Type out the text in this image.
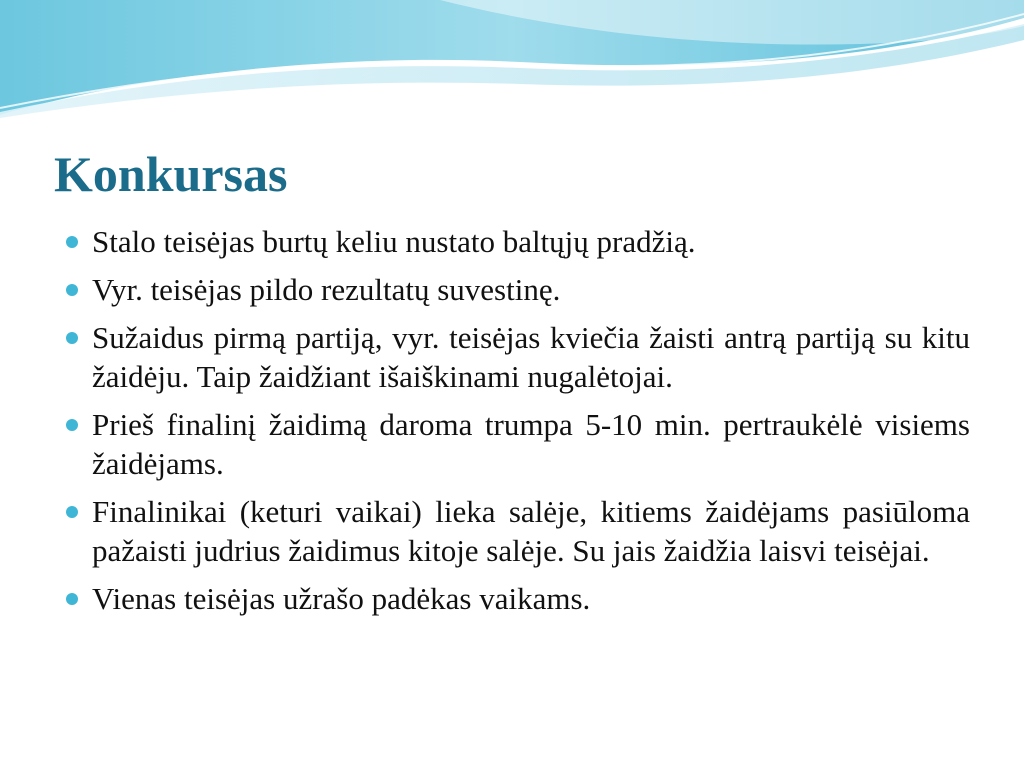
Konkursas
Stalo teisėjas burtų keliu nustato baltųjų pradžią.
Vyr. teisėjas pildo rezultatų suvestinę.
Sužaidus pirmą partiją, vyr. teisėjas kviečia žaisti antrą partiją su kitu žaidėju. Taip žaidžiant išaiškinami nugalėtojai.
Prieš finalinį žaidimą daroma trumpa 5-10 min. pertraukėlė visiems žaidėjams.
Finalinikai (keturi vaikai) lieka salėje, kitiems žaidėjams pasiūloma pažaisti judrius žaidimus kitoje salėje. Su jais žaidžia laisvi teisėjai.
Vienas teisėjas užrašo padėkas vaikams.
